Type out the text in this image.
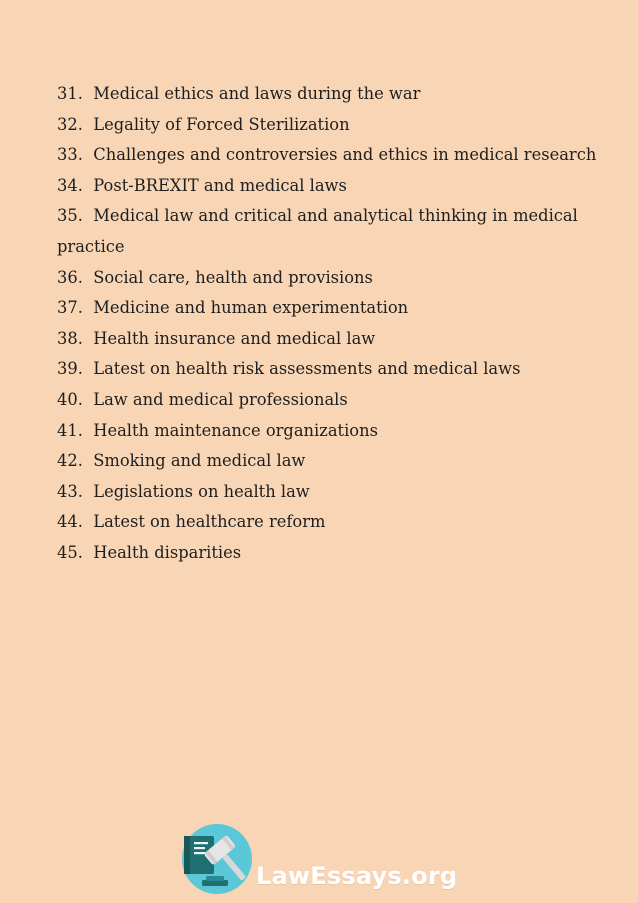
31. Medical ethics and laws during the war
32. Legality of Forced Sterilization
33. Challenges and controversies and ethics in medical research
34. Post-BREXIT and medical laws
35. Medical law and critical and analytical thinking in medical practice
36. Social care, health and provisions
37. Medicine and human experimentation
38. Health insurance and medical law
39. Latest on health risk assessments and medical laws
40. Law and medical professionals
41. Health maintenance organizations
42. Smoking and medical law
43. Legislations on health law
44. Latest on healthcare reform
45. Health disparities
LawEssays.org
